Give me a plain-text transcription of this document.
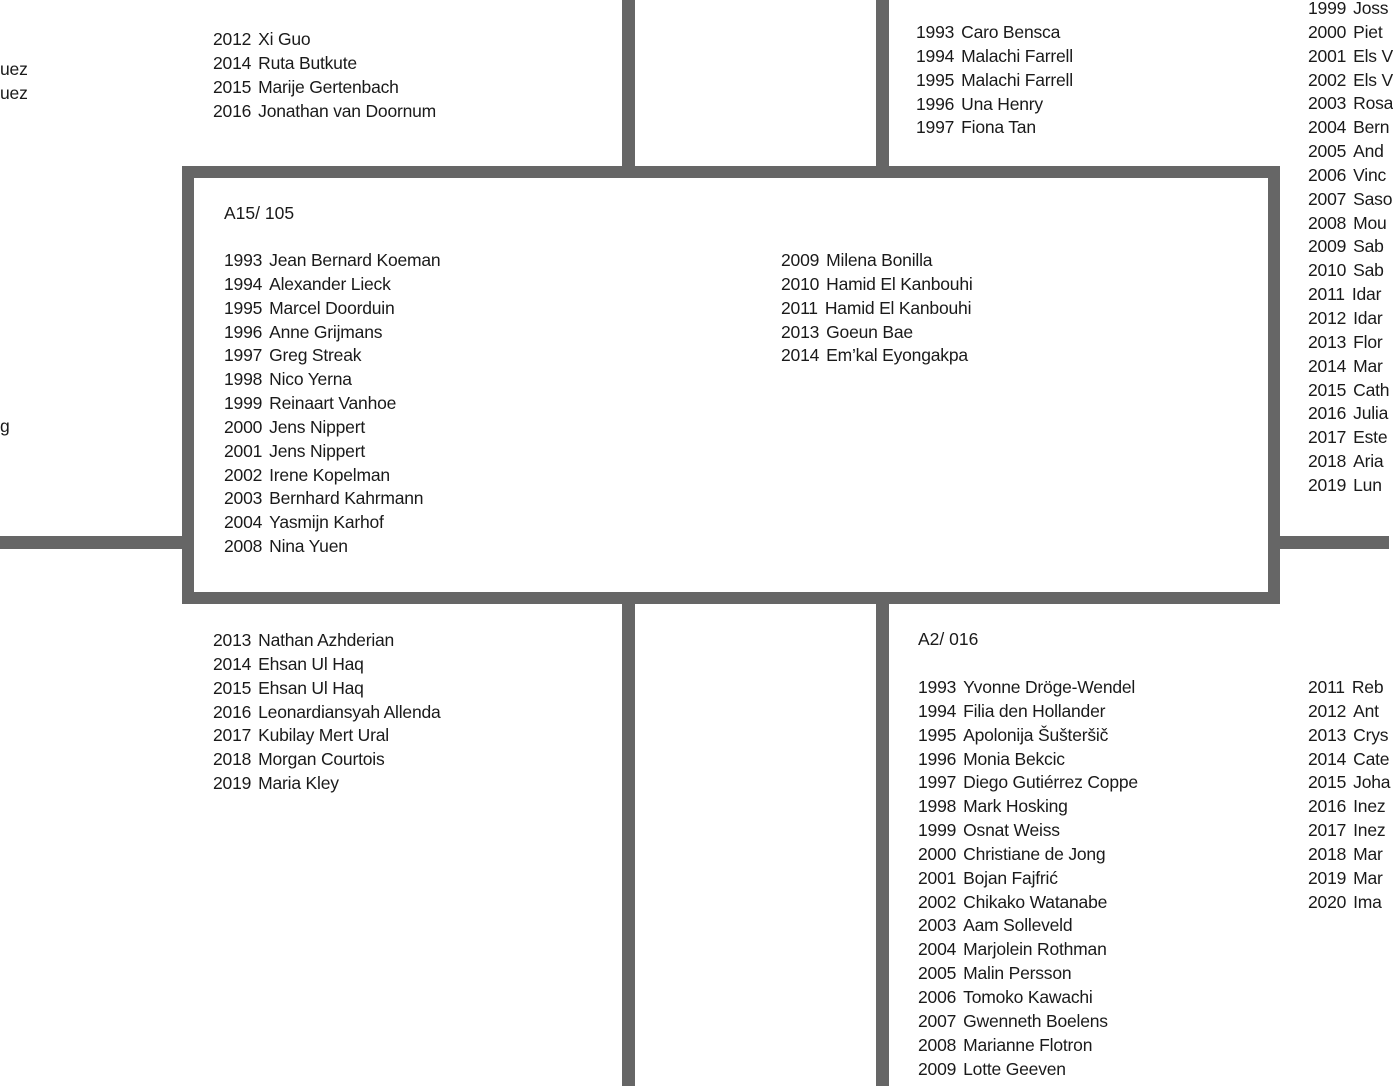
uez
uez
g
2012 Xi Guo
2014 Ruta Butkute
2015 Marije Gertenbach
2016 Jonathan van Doornum
1993 Caro Bensca
1994 Malachi Farrell
1995 Malachi Farrell
1996 Una Henry
1997 Fiona Tan
1999 Joss
2000 Piet
2001 Els V
2002 Els V
2003 Rosa
2004 Bern
2005 And
2006 Vinc
2007 Saso
2008 Mou
2009 Sab
2010 Sab
2011 Idar
2012 Idar
2013 Flor
2014 Mar
2015 Cath
2016 Julia
2017 Este
2018 Aria
2019 Lun
A15/ 105
1993 Jean Bernard Koeman
1994 Alexander Lieck
1995 Marcel Doorduin
1996 Anne Grijmans
1997 Greg Streak
1998 Nico Yerna
1999 Reinaart Vanhoe
2000 Jens Nippert
2001 Jens Nippert
2002 Irene Kopelman
2003 Bernhard Kahrmann
2004 Yasmijn Karhof
2008 Nina Yuen
2009 Milena Bonilla
2010 Hamid El Kanbouhi
2011 Hamid El Kanbouhi
2013 Goeun Bae
2014 Em’kal Eyongakpa
2013 Nathan Azhderian
2014 Ehsan Ul Haq
2015 Ehsan Ul Haq
2016 Leonardiansyah Allenda
2017 Kubilay Mert Ural
2018 Morgan Courtois
2019 Maria Kley
A2/ 016
1993 Yvonne Dröge-Wendel
1994 Filia den Hollander
1995 Apolonija Šušteršič
1996 Monia Bekcic
1997 Diego Gutiérrez Coppe
1998 Mark Hosking
1999 Osnat Weiss
2000 Christiane de Jong
2001 Bojan Fajfrić
2002 Chikako Watanabe
2003 Aam Solleveld
2004 Marjolein Rothman
2005 Malin Persson
2006 Tomoko Kawachi
2007 Gwenneth Boelens
2008 Marianne Flotron
2009 Lotte Geeven
2011 Reb
2012 Ant
2013 Crys
2014 Cate
2015 Joha
2016 Inez
2017 Inez
2018 Mar
2019 Mar
2020 Ima
